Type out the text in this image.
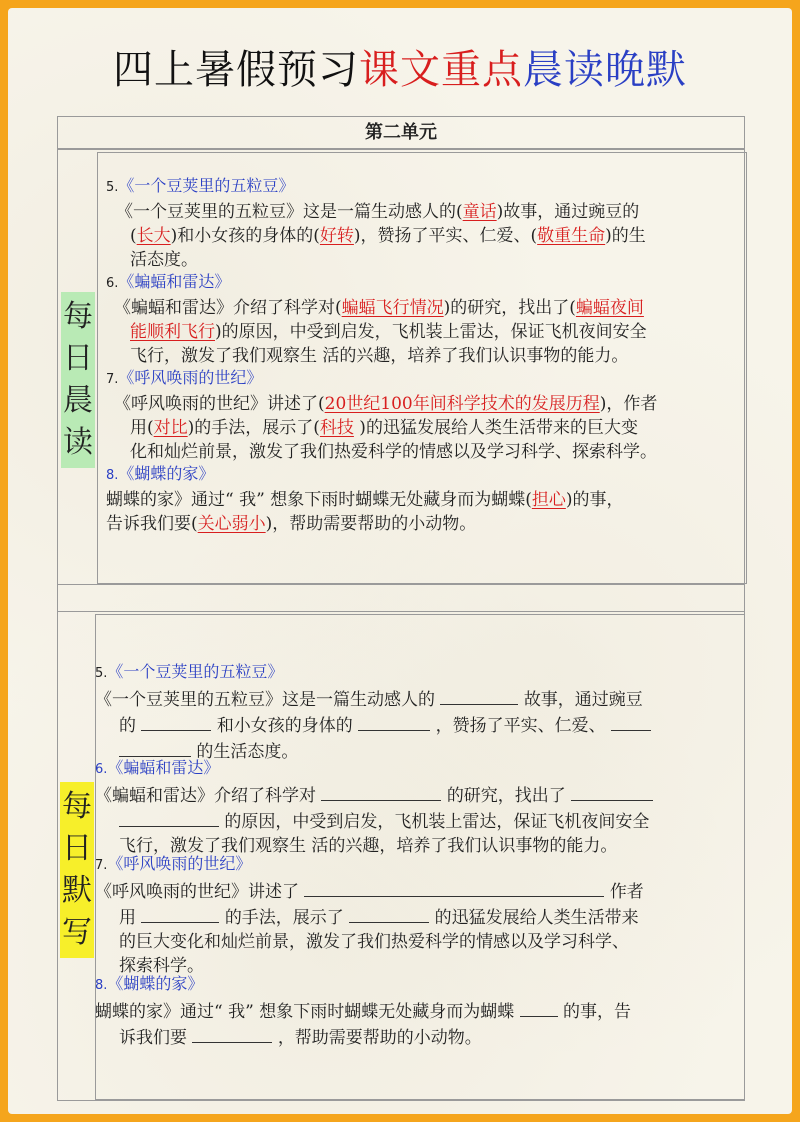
四上暑假预习课文重点晨读晚默
第二单元
每
日
晨
读
每
日
默
写
5.《一个豆荚里的五粒豆》

《一个豆荚里的五粒豆》这是一篇生动感人的(童话)故事，通过豌豆的

(长大)和小女孩的身体的(好转)，赞扬了平实、仁爱、(敬重生命)的生

活态度。

6.《蝙蝠和雷达》

《蝙蝠和雷达》介绍了科学对(蝙蝠飞行情况)的研究，找出了(蝙蝠夜间

能顺利飞行)的原因，中受到启发，飞机装上雷达，保证飞机夜间安全

飞行，激发了我们观察生 活的兴趣，培养了我们认识事物的能力。

7.《呼风唤雨的世纪》

《呼风唤雨的世纪》讲述了(20世纪100年间科学技术的发展历程)，作者

用(对比)的手法，展示了(科技 )的迅猛发展给人类生活带来的巨大变

化和灿烂前景，激发了我们热爱科学的情感以及学习科学、探索科学。

8.《蝴蝶的家》

蝴蝶的家》通过“ 我” 想象下雨时蝴蝶无处藏身而为蝴蝶(担心)的事，

告诉我们要(关心弱小)，帮助需要帮助的小动物。

5.《一个豆荚里的五粒豆》

《一个豆荚里的五粒豆》这是一篇生动感人的	故事，通过豌豆

的	和小女孩的身体的	，赞扬了平实、仁爱、

的生活态度。

6.《蝙蝠和雷达》

《蝙蝠和雷达》介绍了科学对	的研究，找出了

的原因，中受到启发，飞机装上雷达，保证飞机夜间安全

飞行，激发了我们观察生 活的兴趣，培养了我们认识事物的能力。

7.《呼风唤雨的世纪》

《呼风唤雨的世纪》讲述了	作者

用	的手法，展示了	的迅猛发展给人类生活带来

的巨大变化和灿烂前景，激发了我们热爱科学的情感以及学习科学、

探索科学。

8.《蝴蝶的家》

蝴蝶的家》通过“ 我” 想象下雨时蝴蝶无处藏身而为蝴蝶	的事，告

诉我们要	，帮助需要帮助的小动物。
